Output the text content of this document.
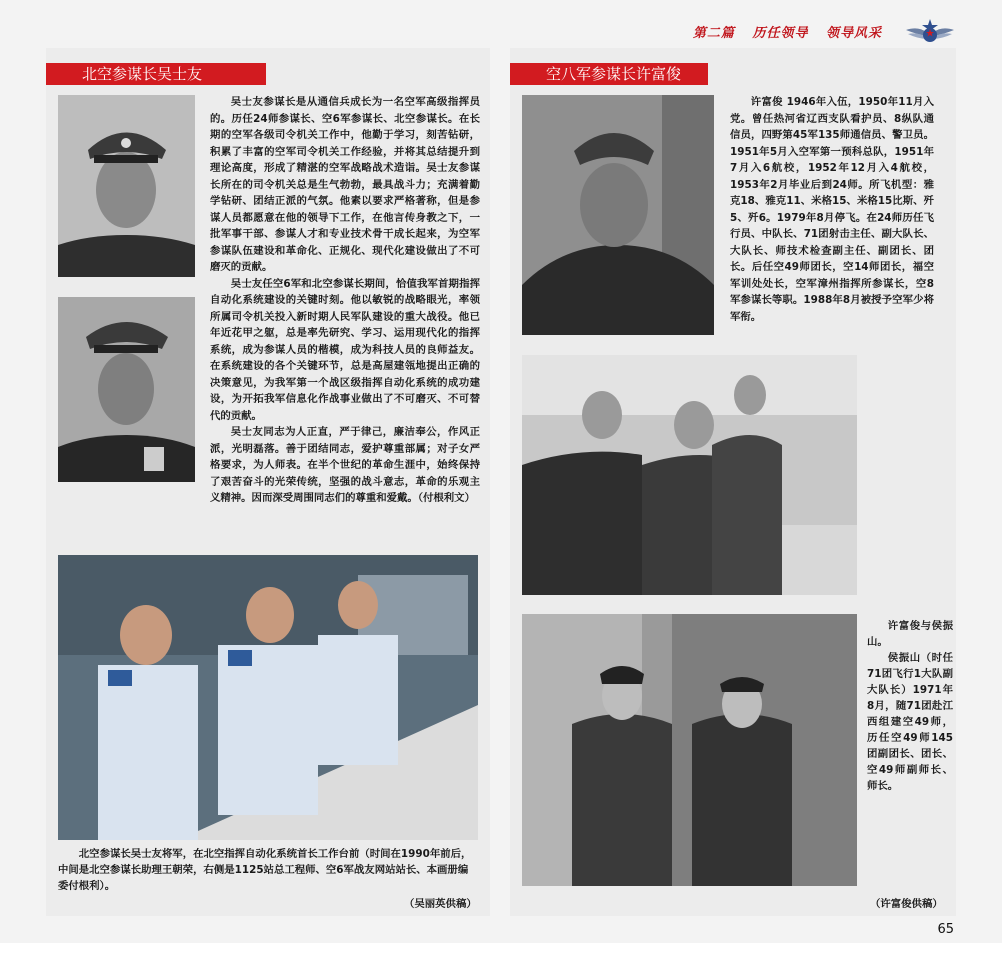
第二篇 历任领导 领导风采
北空参谋长吴士友	空八军参谋长许富俊

吴士友参谋长是从通信兵成长为一名空军高级指挥员的。历任24师参谋长、空6军参谋长、北空参谋长。在长期的空军各级司令机关工作中，他勤于学习，刻苦钻研，积累了丰富的空军司令机关工作经验，并将其总结提升到理论高度，形成了精湛的空军战略战术造诣。吴士友参谋长所在的司令机关总是生气勃勃，最具战斗力；充满着勤学钻研、团结正派的气氛。他素以要求严格著称，但是参谋人员都愿意在他的领导下工作，在他言传身教之下，一批军事干部、参谋人才和专业技术骨干成长起来，为空军参谋队伍建设和革命化、正规化、现代化建设做出了不可磨灭的贡献。

吴士友任空6军和北空参谋长期间，恰值我军首期指挥自动化系统建设的关键时刻。他以敏锐的战略眼光，率领所属司令机关投入新时期人民军队建设的重大战役。他已年近花甲之躯，总是率先研究、学习、运用现代化的指挥系统，成为参谋人员的楷模，成为科技人员的良师益友。在系统建设的各个关键环节，总是高屋建瓴地提出正确的决策意见，为我军第一个战区级指挥自动化系统的成功建设，为开拓我军信息化作战事业做出了不可磨灭、不可替代的贡献。

吴士友同志为人正直，严于律己，廉洁奉公，作风正派，光明磊落。善于团结同志，爱护尊重部属；对子女严格要求，为人师表。在半个世纪的革命生涯中，始终保持了艰苦奋斗的光荣传统，坚强的战斗意志，革命的乐观主义精神。因而深受周围同志们的尊重和爱戴。（付根利文）

北空参谋长吴士友将军，在北空指挥自动化系统首长工作台前（时间在1990年前后，中间是北空参谋长助理王朝荣，右侧是1125站总工程师、空6军战友网站站长、本画册编委付根利）。
（吴丽英供稿）

许富俊 1946年入伍，1950年11月入党。曾任热河省辽西支队看护员、8纵队通信员，四野第45军135师通信员、警卫员。1951年5月入空军第一预科总队，1951年7月入6航校，1952年12月入4航校，1953年2月毕业后到24师。所飞机型：雅克18、雅克11、米格15、米格15比斯、歼5、歼6。1979年8月停飞。在24师历任飞行员、中队长、71团射击主任、副大队长、大队长、师技术检查副主任、副团长、团长。后任空49师团长，空14师团长，福空军训处处长，空军漳州指挥所参谋长，空8军参谋长等职。1988年8月被授予空军少将军衔。

许富俊与侯振山。
侯振山（时任71团飞行1大队副大队长）1971年8月，随71团赴江西组建空49师，历任空49师145团副团长、团长、空49师副师长、师长。
（许富俊供稿）
65
